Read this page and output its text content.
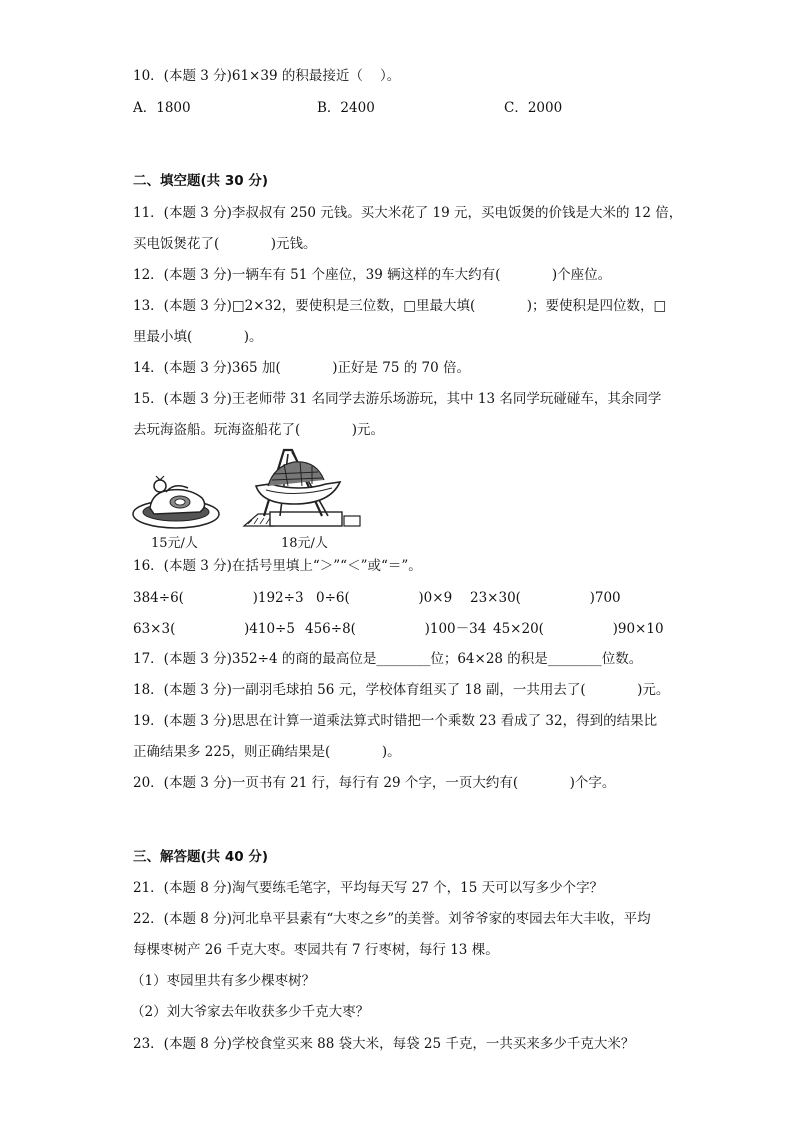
10．(本题 3 分)61×39 的积最接近（    ）。
A．1800	B．2400	C．2000
二、填空题(共 30 分)
11．(本题 3 分)李叔叔有 250 元钱。买大米花了 19 元，买电饭煲的价钱是大米的 12 倍，
买电饭煲花了(            )元钱。
12．(本题 3 分)一辆车有 51 个座位，39 辆这样的车大约有(            )个座位。
13．(本题 3 分)□2×32，要使积是三位数，□里最大填(            )；要使积是四位数，□
里最小填(            )。
14．(本题 3 分)365 加(            )正好是 75 的 70 倍。
15．(本题 3 分)王老师带 31 名同学去游乐场游玩，其中 13 名同学玩碰碰车，其余同学
去玩海盗船。玩海盗船花了(            )元。
15元/人	18元/人
16．(本题 3 分)在括号里填上“＞”“＜”或“＝”。
384÷6(                )192÷3 0÷6(                )0×9 23×30(                )700
63×3(                )410÷5 456÷8(                )100－34 45×20(                )90×10
17．(本题 3 分)352÷4 的商的最高位是________位；64×28 的积是________位数。
18．(本题 3 分)一副羽毛球拍 56 元，学校体育组买了 18 副，一共用去了(            )元。
19．(本题 3 分)思思在计算一道乘法算式时错把一个乘数 23 看成了 32，得到的结果比
正确结果多 225，则正确结果是(            )。
20．(本题 3 分)一页书有 21 行，每行有 29 个字，一页大约有(            )个字。
三、解答题(共 40 分)
21．(本题 8 分)淘气要练毛笔字，平均每天写 27 个，15 天可以写多少个字？
22．(本题 8 分)河北阜平县素有“大枣之乡”的美誉。刘爷爷家的枣园去年大丰收，平均
每棵枣树产 26 千克大枣。枣园共有 7 行枣树，每行 13 棵。
（1）枣园里共有多少棵枣树？
（2）刘大爷家去年收获多少千克大枣？
23．(本题 8 分)学校食堂买来 88 袋大米，每袋 25 千克，一共买来多少千克大米？
